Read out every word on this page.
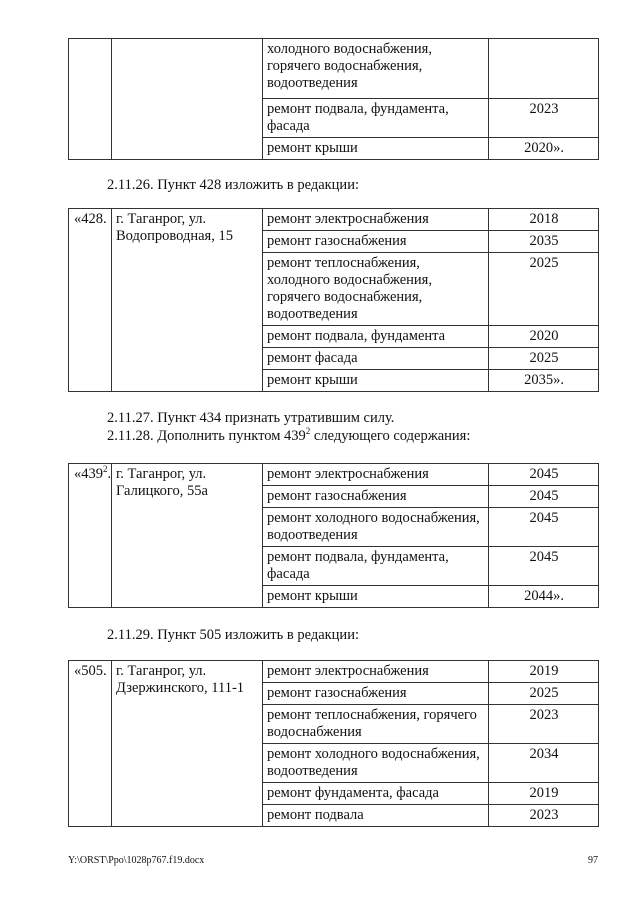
		холодного водоснабжения, горячего водоснабжения, водоотведения	
		ремонт подвала, фундамента, фасада	2023
		ремонт крыши	2020».
2.11.26. Пункт 428 изложить в редакции:
«428.	г. Таганрог, ул. Водопроводная, 15	ремонт электроснабжения	2018
		ремонт газоснабжения	2035
		ремонт теплоснабжения, холодного водоснабжения, горячего водоснабжения, водоотведения	2025
		ремонт подвала, фундамента	2020
		ремонт фасада	2025
		ремонт крыши	2035».
2.11.27. Пункт 434 признать утратившим силу.
2.11.28. Дополнить пунктом $439^2$ следующего содержания:
«$439^2$.	г. Таганрог, ул. Галицкого, 55а	ремонт электроснабжения	2045
		ремонт газоснабжения	2045
		ремонт холодного водоснабжения, водоотведения	2045
		ремонт подвала, фундамента, фасада	2045
		ремонт крыши	2044».
2.11.29. Пункт 505 изложить в редакции:
«505.	г. Таганрог, ул. Дзержинского, 111-1	ремонт электроснабжения	2019
		ремонт газоснабжения	2025
		ремонт теплоснабжения, горячего водоснабжения	2023
		ремонт холодного водоснабжения, водоотведения	2034
		ремонт фундамента, фасада	2019
		ремонт подвала	2023
Y:\ORST\Ppo\1028p767.f19.docx	97
